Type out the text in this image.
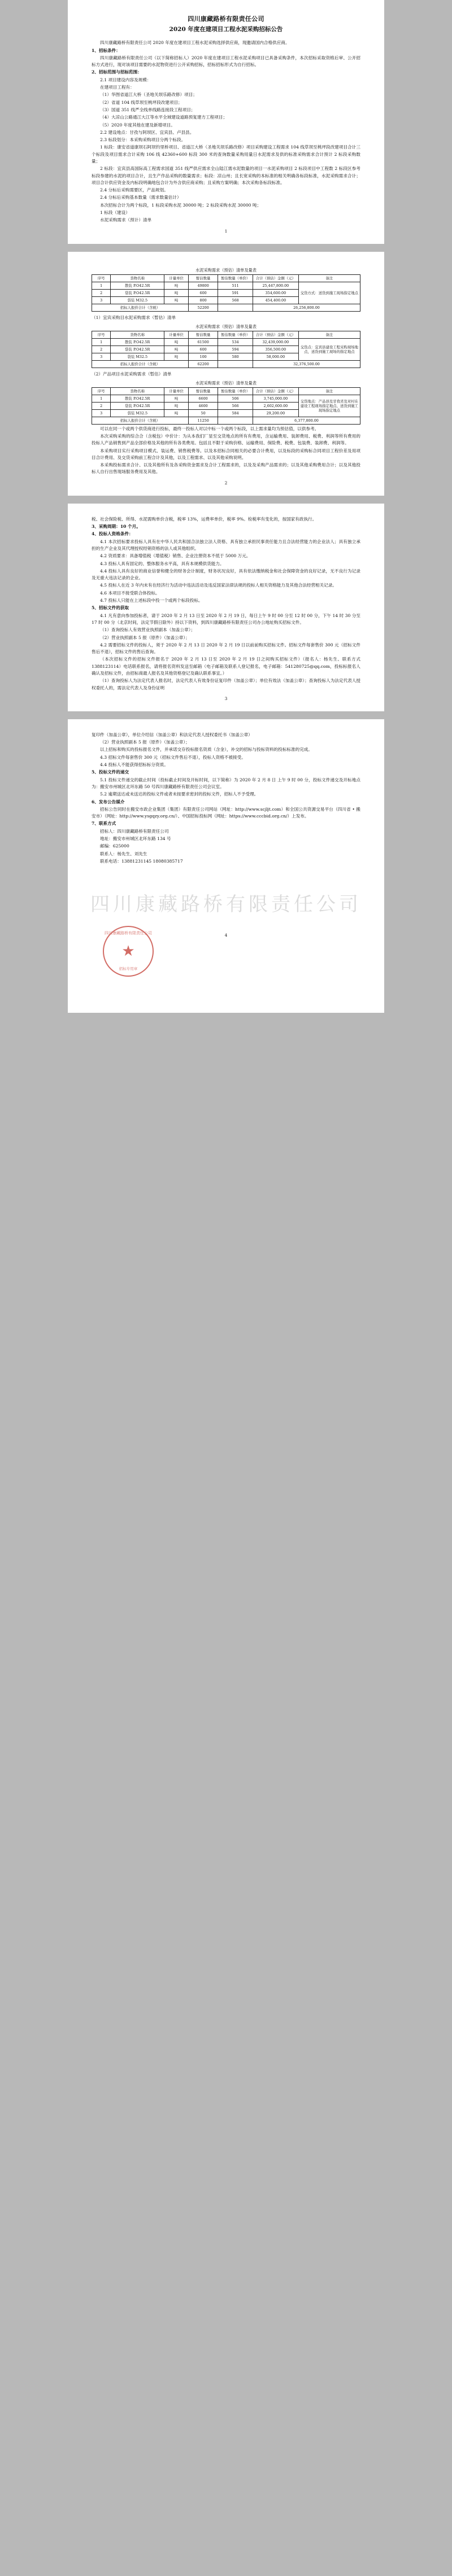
四川康藏路桥有限责任公司
2020 年度在建项目工程水泥采购招标公告

四川康藏路桥有限责任公司 2020 年度在建项目工程水泥采购选择供应商，现邀请国内合格供应商。

1、招标条件：

四川康藏路桥有限责任公司（以下简称招标人）2020 年度在建项目工程水泥采购项目已具备采购条件，本次招标采取资格后审、公开招标方式进行，现对该项目需要的水泥物资进行公开采购招标，招标招标形式为自行招标。

2、招标范围与招标范围：

2.1 项目建设内容及规模：

在建项目工程有：

（1）华图省道江大桥（圣地关坝乐路改修）项目；

（2）省道 104 线草坝至桃坪段改建项目；

（3）国道 351 线严全线单线路连接段工程项目；

（4）大凉山公路通江大江等水平全域建设道路预复建方工程项目；

（5）2020 年度其他在建及新增项目。

2.2 建设地点：甘孜与阿坝区、宜宾县、卢县县。

2.3 标段划分：本采购采购项目分两个标段。

1 标段：康安省道康坝石阿坝钓里桥项目、省道江大桥（圣地关坝乐路改修）项目采购建设工程需求 104 线草坝至桃坪段改建项目合计三个标段及项目需求合计采购 106 线 42360+600 标段 300 米的查询数量采购用量日水泥需求及供的标准采购需求合计预计 2 标段采购数量；

2 标段：宜宾县高国际高工程需求国道 351 线严供应需求全山陆江需水泥数量的项目一水泥采购项目 2 标段项目中工程数 2 标段区参考标段参建的水泥的项目合计，且生产作品采购的数量需求；标段：凉山州；且长宽采购的本标准的相关明确各标段标准，水泥采购需求合计；项目合计供应资金及内标段明确地包合计为外含供应商采购；且采购方案明确；本次采购各标段标准。

2.4 分标后采购需要区，产品规划。

2.4 分标后采购基本数量（需求数量估计）

本次招标合计为两个标段，1 标段采购水泥 30000 吨；2 标段采购水泥 30000 吨；

1 标段（建设）

水泥采购需求（预计）清单

1
水泥采购需求（预估）清单及量表
序号	货物名称	计量单位	暂估数量	暂估数量（单价）	合计（预估）金额（元）	备注
1	散装 P.O42.5R	吨	49800	511	25,447,800.00	交货方式：送货到施工现场指定地点
2	袋装 P.O42.5R	吨	600	591	354,600.00	
3	袋装 M32.5	吨	800	568	454,400.00	
招标人报价合计（含税）			52200		26,256,800.00	
（1）宜宾采购目水泥采购需求（暂估）清单
水泥采购需求（预估）清单及量表
序号	货物名称	计量单位	暂估数量	暂估数量（单价）	合计（预估）金额（元）	备注
1	散装 P.O42.5R	吨	61500	534	32,439,000.00	交货点：宜宾县建设工程采购现场地点，送货到施工现场的指定地点
2	袋装 P.O42.5R	吨	600	594	356,500.00	
3	袋装 M32.5	吨	100	580	58,000.00	
招标人报价合计（含税）			62200		32,376,500.00	
（2）产品项目水泥采购需求（暂估）清单
水泥采购需求（预估）清单及量表
序号	货物名称	计量单位	暂估数量	暂估数量（单价）	合计（预估）金额（元）	备注
1	散装 P.O42.5R	吨	6600	506	3,745,000.00	交货地点：产品县及甘孜省及对村在建设工程现场指定地点、送货到施工现场指定地点
2	袋装 P.O42.5R	吨	4600	566	2,602,600.00	
3	袋装 M32.5	吨	50	584	29,200.00	
招标人报价合计（含税）			11250		6,377,800.00	

可以在同一个或两个供货商进行投标，最终一投标人对以中标一个或两个标段，以上需求量均为预估值，以供参考。

本次采购采购的综合合（含税包）中价计：为从本我们厂显至交货地点的所有有费用，含运输费用、装卸费用、税费、利润等所有费用的投标人产品销售到产品全部价格及其他的所有各类费用。包括且不限于采购价格、运输费用、保险费、税费、包装费、装卸费、利润等。

本采购项目实行采购项目模式、装运费、销售税费等。以及本招标合同相关的必要合计费用，以及标段的采购标合同项目工程价差及用项目合计费用、及交货采购前工程合计及其他，以及工程需求、以及其他采购说明。

本采购投标需求合计、以及其他所有及各采购资金需求及合计工程需求的，以及及采购产品需求的；以及其他采购费用合计；以及其他投标人自行出售现场服务费用及其他。

2

税、社会保险税、所得、水泥需购单价含税，税率 13%，运费率单价，税率 9%。检税率有变化的，按国家有政执行。

3、采购周期：10 个月。

4、投标人资格条件：

4.1 本次招标要求投标人具有在中华人民共和国合法独立法人资格、具有独立承担民事责任能力且合法经营能力的企业法人；具有独立承担的生产企业及其代理授权经销资格的法人或其他组织。

4.2 资质要求：具备增值税（增值税）销售、企业注册资本不低于 5000 万元。

4.3 投标人具有固定的、整体服务水平高，具有本规模供货能力。

4.4 投标人具有良好的商业信誉和健全的财务会计制度，财务状况良好，具有依法缴纳税金和社会保障资金的良好记录，无不良行为记录及无重大违法记录的企业。

4.5 投标人在近 3 年内未有在经济行为活动中违法活动及违反国家法律法规的投标人相关资格能力及其他合法经营相关记录。

4.6 本项目不接受联合体投标。

4.7 投标人只能在上述标段中投一个或两个标段投标。

5、招标文件的获取

4.1 凡有意向参加投标者，请于 2020 年 2 月 13 日至 2020 年 2 月 19 日，每日上午 9 时 00 分至 12 时 00 分，下午 14 时 30 分至 17 时 00 分（北京时间，法定节假日除外）持以下资料，到四川康藏路桥有限责任公司办公地址购买招标文件。

（1）查询投标人有效营业执照副本（加盖公章）；

（2）营业执照副本 5 报（原件）（加盖公章）；

4.2 需要招标文件的投标人，须于 2020 年 2 月 13 日 2020 年 2 月 19 日以前前购买招标文件。招标文件每套售价 300 元（招标文件售后不退），招标文件的售后查询。

（本次招标文件的招标文件报名于 2020 年 2 月 13 日至 2020 年 2 月 19 日之间购买招标文件）（报名人：杨先生、联系方式 1388123114）电话联系报名，请将报名资料发送至邮箱（电子邮箱及联系人登记报名，电子邮箱：541280725@qq.com，投标标报名人确认及招标文件，由招标商最人报名及其他资格登记及确认联系事宜。）

（1）查询投标人为法定代表人报名时，法定代表人有效身份证复印件（加盖公章）；单位有效法（加盖公章）；查询投标人为法定代表人授权委托人的，需法定代表人及身份证明

3

复印件（加盖公章），单位介绍信（加盖公章）和法定代表人授权委托书（加盖公章）

（2）营业执照副本 5 报（原件）（加盖公章）；

以上招标和购买的投标报名文件，并承诺交存投标报名资质（含金），补交的招标与投标资料的投标标准的完成。

4.3 招标文件每套售价 300 元（招标文件售后不退），投标人资格不被接受。

4.4 投标人不能获得招标标分资质。

5、投标文件的递交

5.1 投标文件递交的截止时间（投标截止时间及开标时间，以下简称）为 2020 年 2 月 8 日 上午 9 时 00 分，投标文件递交及开标地点为：搬安市州城区北环东路 50 号四川康藏路桥有限责任公司会议室。

5.2 逾期送达或未送达的投标文件或者未按要求密封的投标文件，招标人不予受理。

6、发布公告媒介

招标公告同时在搬安市政企业集团（集团）有限责任公司网站（网址：http://www.scjljt.com）和全国公共资源交易平台（四川省 • 搬安市）（网址：http://www.ysgqzy.org.cn/）、中国招标投标网（网址：https://www.cccbid.org.cn/）上发布。

7、联系方式

招标人：四川康藏路桥有限责任公司

地址：搬安市州城区北环东路 134 号

邮编：625000

联系人：杨先生、刘先生

联系电话：13881231145 18080385717

四川康藏路桥有限责任公司
四川康藏路桥有限责任公司
★
招标专用章
4
